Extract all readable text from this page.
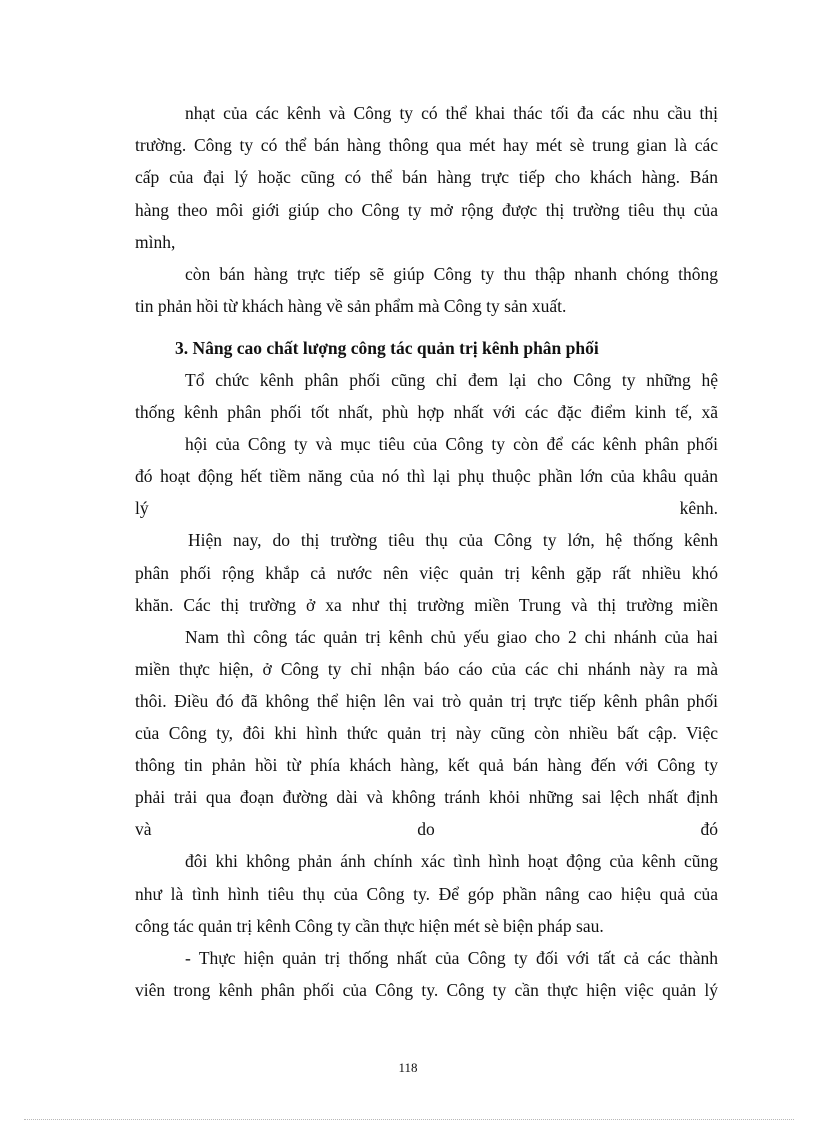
nhạt của các kênh và Công ty có thể khai thác tối đa các nhu cầu thị
trường. Công ty có thể bán hàng thông qua mét hay mét sè trung gian là các
cấp của đại lý hoặc cũng có thể bán hàng trực tiếp cho khách hàng. Bán
hàng theo môi giới giúp cho Công ty mở rộng được thị trường tiêu thụ của
mình,
còn bán hàng trực tiếp sẽ giúp Công ty thu thập nhanh chóng thông
tin phản hồi từ khách hàng về sản phẩm mà Công ty sản xuất.
3. Nâng cao chất lượng công tác quản trị kênh phân phối
Tổ chức kênh phân phối cũng chỉ đem lại cho Công ty những hệ
thống kênh phân phối tốt nhất, phù hợp nhất với các đặc điểm kinh tế, xã
hội của Công ty và mục tiêu của Công ty còn để các kênh phân phối
đó hoạt động hết tiềm năng của nó thì lại phụ thuộc phần lớn của khâu quản
lý kênh.
Hiện nay, do thị trường tiêu thụ của Công ty lớn, hệ thống kênh
phân phối rộng khắp cả nước nên việc quản trị kênh gặp rất nhiều khó
khăn. Các thị trường ở xa như thị trường miền Trung và thị trường miền
Nam thì công tác quản trị kênh chủ yếu giao cho 2 chi nhánh của hai
miền thực hiện, ở Công ty chỉ nhận báo cáo của các chi nhánh này ra mà
thôi. Điều đó đã không thể hiện lên vai trò quản trị trực tiếp kênh phân phối
của Công ty, đôi khi hình thức quản trị này cũng còn nhiều bất cập. Việc
thông tin phản hồi từ phía khách hàng, kết quả bán hàng đến với Công ty
phải trải qua đoạn đường dài và không tránh khỏi những sai lệch nhất định
và do đó
đôi khi không phản ánh chính xác tình hình hoạt động của kênh cũng
như là tình hình tiêu thụ của Công ty. Để góp phần nâng cao hiệu quả của
công tác quản trị kênh Công ty cần thực hiện mét sè biện pháp sau.
- Thực hiện quản trị thống nhất của Công ty đối với tất cả các thành
viên trong kênh phân phối của Công ty. Công ty cần thực hiện việc quản lý
118
